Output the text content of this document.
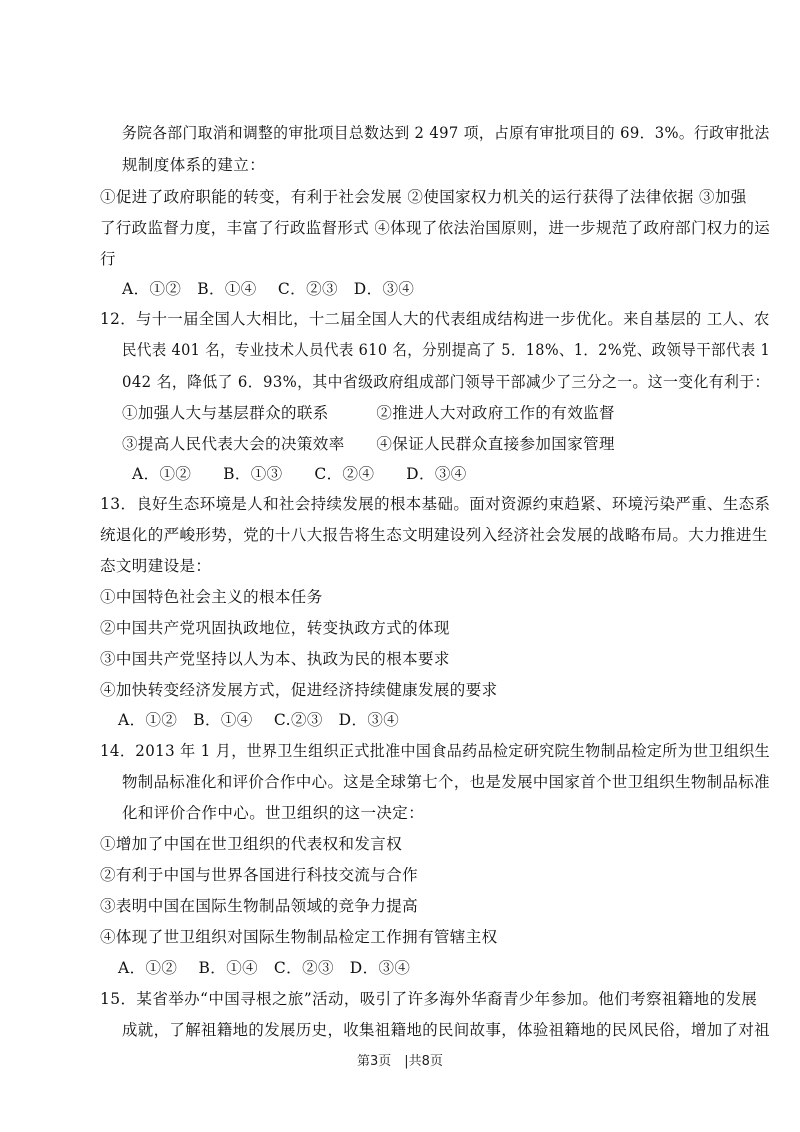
务院各部门取消和调整的审批项目总数达到 2 497 项，占原有审批项目的 69．3%。行政审批法
规制度体系的建立：
①促进了政府职能的转变，有利于社会发展 ②使国家权力机关的运行获得了法律依据 ③加强
了行政监督力度，丰富了行政监督形式 ④体现了依法治国原则，进一步规范了政府部门权力的运
行
A．①②　B．①④　 C．②③　D．③④
12．与十一届全国人大相比，十二届全国人大的代表组成结构进一步优化。来自基层的 工人、农
民代表 401 名，专业技术人员代表 610 名，分别提高了 5．18%、1．2%党、政领导干部代表 1
042 名，降低了 6．93%，其中省级政府组成部门领导干部减少了三分之一。这一变化有利于：
①加强人大与基层群众的联系　　　②推进人大对政府工作的有效监督
③提高人民代表大会的决策效率　　④保证人民群众直接参加国家管理
A．①②　　B．①③　　C．②④　　D．③④
13．良好生态环境是人和社会持续发展的根本基础。面对资源约束趋紧、环境污染严重、生态系
统退化的严峻形势，党的十八大报告将生态文明建设列入经济社会发展的战略布局。大力推进生
态文明建设是：
①中国特色社会主义的根本任务
②中国共产党巩固执政地位，转变执政方式的体现
③中国共产党坚持以人为本、执政为民的根本要求
④加快转变经济发展方式，促进经济持续健康发展的要求
A．①②　B．①④　 C.②③　D．③④
14．2013 年 1 月，世界卫生组织正式批准中国食品药品检定研究院生物制品检定所为世卫组织生
物制品标准化和评价合作中心。这是全球第七个，也是发展中国家首个世卫组织生物制品标准
化和评价合作中心。世卫组织的这一决定：
①增加了中国在世卫组织的代表权和发言权
②有利于中国与世界各国进行科技交流与合作
③表明中国在国际生物制品领域的竞争力提高
④体现了世卫组织对国际生物制品检定工作拥有管辖主权
A．①②　 B．①④　C．②③　D．③④
15．某省举办“中国寻根之旅”活动，吸引了许多海外华裔青少年参加。他们考察祖籍地的发展
成就，了解祖籍地的发展历史，收集祖籍地的民间故事，体验祖籍地的民风民俗，增加了对祖
第3页　|共8页
